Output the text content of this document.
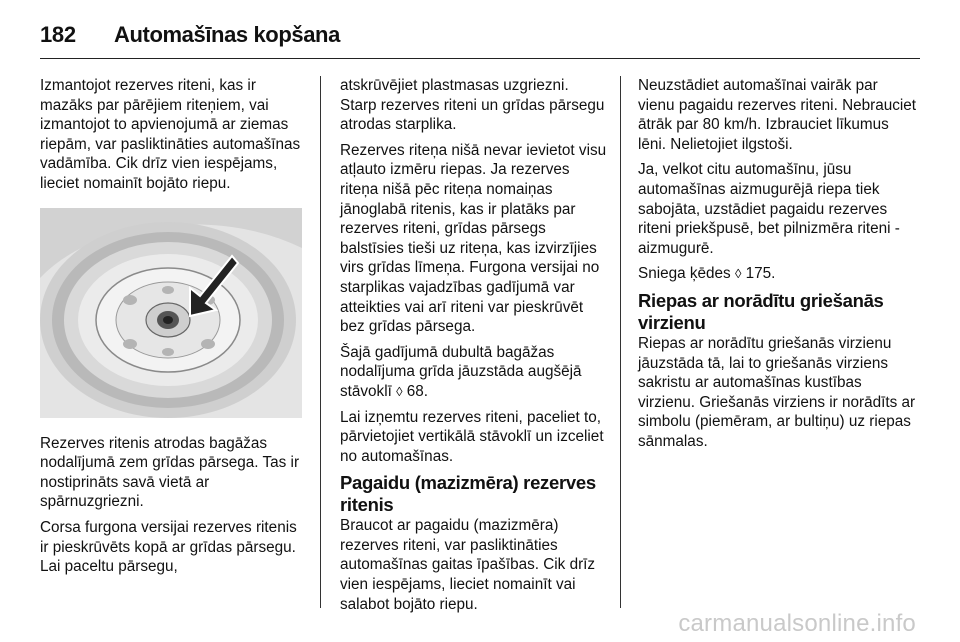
182 Automašīnas kopšana

Izmantojot rezerves riteni, kas ir mazāks par pārējiem riteņiem, vai izmantojot to apvienojumā ar ziemas riepām, var pasliktināties automašīnas vadāmība. Cik drīz vien iespējams, lieciet nomainīt bojāto riepu.

Rezerves ritenis atrodas bagāžas nodalījumā zem grīdas pārsega. Tas ir nostiprināts savā vietā ar spārnuzgriezni.

Corsa furgona versijai rezerves ritenis ir pieskrūvēts kopā ar grīdas pārsegu. Lai paceltu pārsegu,

atskrūvējiet plastmasas uzgriezni. Starp rezerves riteni un grīdas pārsegu atrodas starplika.

Rezerves riteņa nišā nevar ievietot visu atļauto izmēru riepas. Ja rezerves riteņa nišā pēc riteņa nomaiņas jānoglabā ritenis, kas ir platāks par rezerves riteni, grīdas pārsegs balstīsies tieši uz riteņa, kas izvirzījies virs grīdas līmeņa. Furgona versijai no starplikas vajadzības gadījumā var atteikties vai arī riteni var pieskrūvēt bez grīdas pārsega.

Šajā gadījumā dubultā bagāžas nodalījuma grīda jāuzstāda augšējā stāvoklī ◊ 68.

Lai izņemtu rezerves riteni, paceliet to, pārvietojiet vertikālā stāvoklī un izceliet no automašīnas.

Pagaidu (mazizmēra) rezerves ritenis

Braucot ar pagaidu (mazizmēra) rezerves riteni, var pasliktināties automašīnas gaitas īpašības. Cik drīz vien iespējams, lieciet nomainīt vai salabot bojāto riepu.

Neuzstādiet automašīnai vairāk par vienu pagaidu rezerves riteni. Nebrauciet ātrāk par 80 km/h. Izbrauciet līkumus lēni. Nelietojiet ilgstoši.

Ja, velkot citu automašīnu, jūsu automašīnas aizmugurējā riepa tiek sabojāta, uzstādiet pagaidu rezerves riteni priekšpusē, bet pilnizmēra riteni - aizmugurē.

Sniega ķēdes ◊ 175.

Riepas ar norādītu griešanās virzienu

Riepas ar norādītu griešanās virzienu jāuzstāda tā, lai to griešanās virziens sakristu ar automašīnas kustības virzienu. Griešanās virziens ir norādīts ar simbolu (piemēram, ar bultiņu) uz riepas sānmalas.

carmanualsonline.info
